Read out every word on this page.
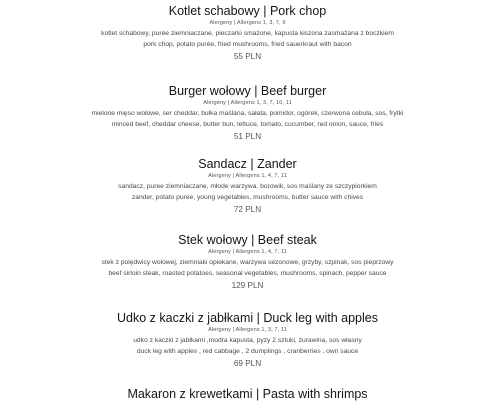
Kotlet schabowy | Pork chop

Alergeny | Allergens 1, 3, 7, 9

kotlet schabowy, purée ziemniaczane, pieczarki smażone, kapusta kiszona zasmażana z boczkiem

pork chop, potato purée, fried mushrooms, fried sauerkraut with bacon

55 PLN

Burger wołowy | Beef burger

Alergeny | Allergens 1, 3, 7, 10, 11

mielone mięso wołowe, ser cheddar, bułka maślana, sałata, pomidor, ogórek, czerwona cebula, sos, frytki

minced beef, cheddar cheese, butter bun, lettuce, tomato, cucumber, red onion, sauce, fries

51 PLN

Sandacz | Zander

Alergeny | Allergens 1, 4, 7, 11

sandacz, puree ziemniaczane, młode warzywa, borowik, sos maślany ze szczypiorkiem

zander, potato puree, young vegetables, mushrooms, butter sauce with chives

72 PLN

Stek wołowy | Beef steak

Alergeny | Allergens 1, 4, 7, 11

stek z polędwicy wołowej, ziemniaki opiekane, warzywa sezonowe, grzyby, szpinak, sos pieprzowy

beef sirloin steak, roasted potatoes, seasonal vegetables, mushrooms, spinach, pepper sauce

129 PLN

Udko z kaczki z jabłkami | Duck leg with apples

Alergeny | Allergens 1, 3, 7, 11

udko z kaczki z jabłkami ,modra kapusta, pyzy 2 sztuki, żurawina, sos własny

duck leg with apples , red cabbage , 2 dumplings , cranberries , own sauce

69 PLN

Makaron z krewetkami | Pasta with shrimps
